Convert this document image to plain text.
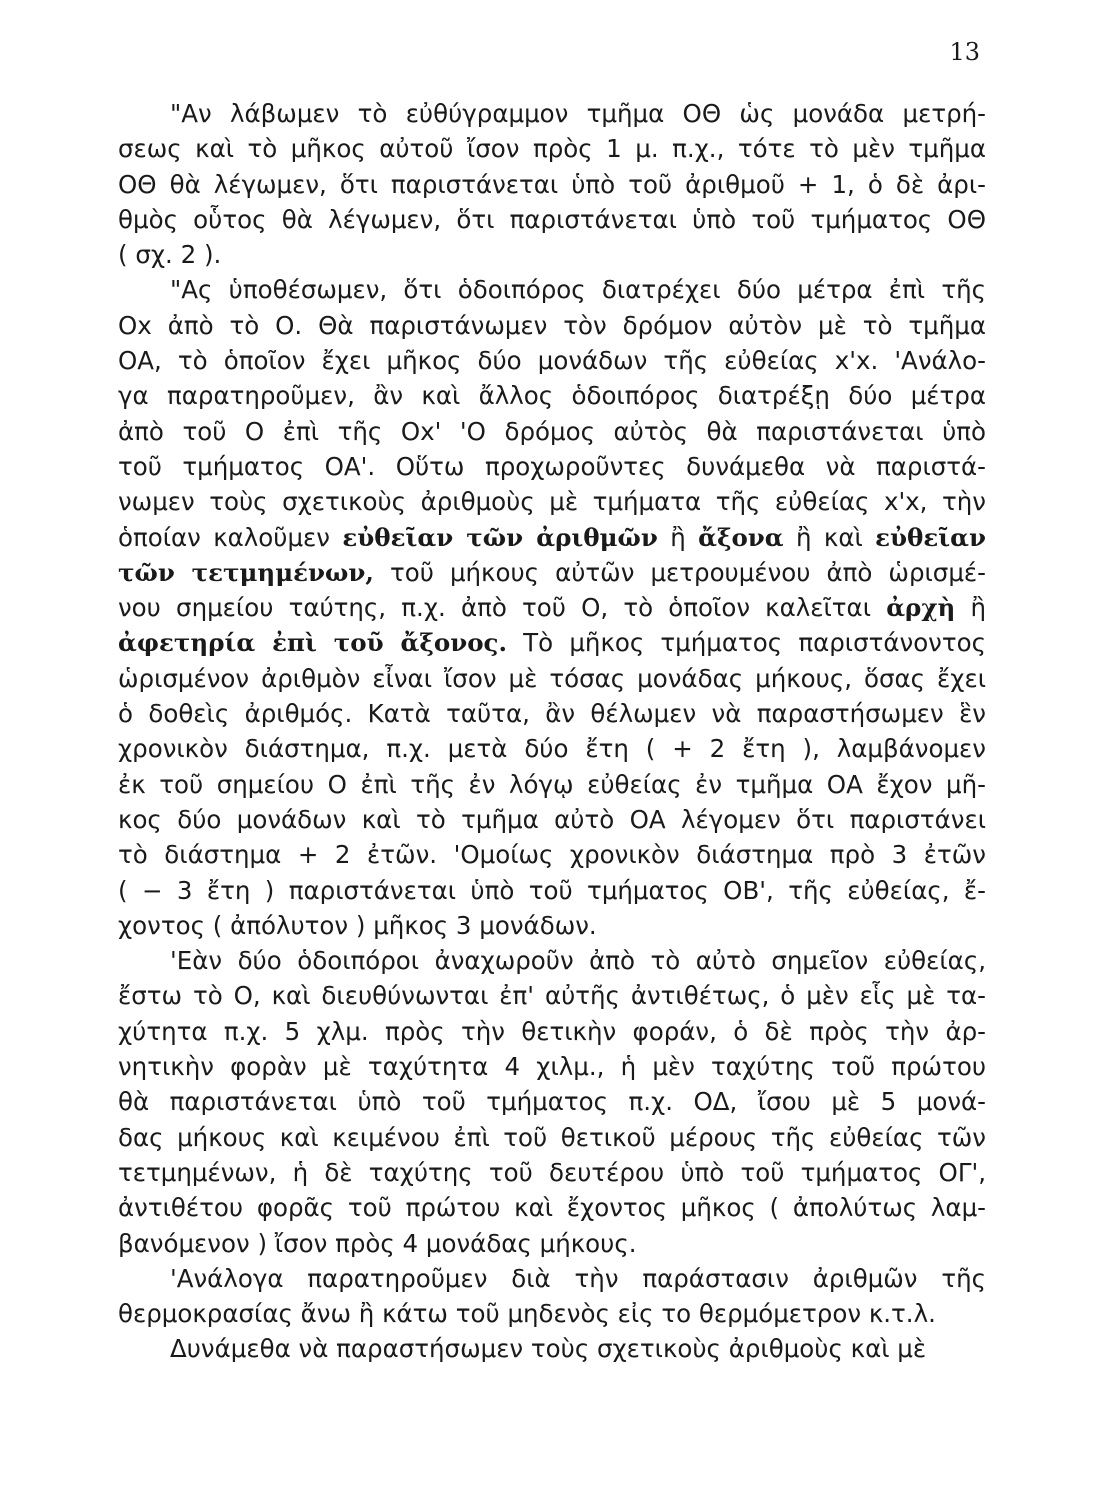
13
"Αν λάβωμεν τὸ εὐθύγραμμον τμῆμα ΟΘ ὡς μονάδα μετρή-
σεως καὶ τὸ μῆκος αὐτοῦ ἴσον πρὸς 1 μ. π.χ., τότε τὸ μὲν τμῆμα
ΟΘ θὰ λέγωμεν, ὅτι παριστάνεται ὑπὸ τοῦ ἀριθμοῦ + 1, ὁ δὲ ἀρι-
θμὸς οὗτος θὰ λέγωμεν, ὅτι παριστάνεται ὑπὸ τοῦ τμήματος ΟΘ
( σχ. 2 ).
"Ας ὑποθέσωμεν, ὅτι ὁδοιπόρος διατρέχει δύο μέτρα ἐπὶ τῆς
Οx ἀπὸ τὸ Ο. Θὰ παριστάνωμεν τὸν δρόμον αὐτὸν μὲ τὸ τμῆμα
ΟΑ, τὸ ὁποῖον ἔχει μῆκος δύο μονάδων τῆς εὐθείας x'x. 'Ανάλο-
γα παρατηροῦμεν, ἂν καὶ ἄλλος ὁδοιπόρος διατρέξῃ δύο μέτρα
ἀπὸ τοῦ Ο ἐπὶ τῆς Οx' 'Ο δρόμος αὐτὸς θὰ παριστάνεται ὑπὸ
τοῦ τμήματος ΟΑ'. Οὕτω προχωροῦντες δυνάμεθα νὰ παριστά-
νωμεν τοὺς σχετικοὺς ἀριθμοὺς μὲ τμήματα τῆς εὐθείας x'x, τὴν
ὁποίαν καλοῦμεν εὐθεῖαν τῶν ἀριθμῶν ἢ ἄξονα ἢ καὶ εὐθεῖαν
τῶν τετμημένων, τοῦ μήκους αὐτῶν μετρουμένου ἀπὸ ὡρισμέ-
νου σημείου ταύτης, π.χ. ἀπὸ τοῦ Ο, τὸ ὁποῖον καλεῖται ἀρχὴ ἢ
ἀφετηρία ἐπὶ τοῦ ἄξονος. Τὸ μῆκος τμήματος παριστάνοντος
ὡρισμένον ἀριθμὸν εἶναι ἴσον μὲ τόσας μονάδας μήκους, ὅσας ἔχει
ὁ δοθεὶς ἀριθμός. Κατὰ ταῦτα, ἂν θέλωμεν νὰ παραστήσωμεν ἓν
χρονικὸν διάστημα, π.χ. μετὰ δύο ἔτη ( + 2 ἔτη ), λαμβάνομεν
ἐκ τοῦ σημείου Ο ἐπὶ τῆς ἐν λόγῳ εὐθείας ἐν τμῆμα ΟΑ ἔχον μῆ-
κος δύο μονάδων καὶ τὸ τμῆμα αὐτὸ ΟΑ λέγομεν ὅτι παριστάνει
τὸ διάστημα + 2 ἐτῶν. 'Ομοίως χρονικὸν διάστημα πρὸ 3 ἐτῶν
( − 3 ἔτη ) παριστάνεται ὑπὸ τοῦ τμήματος ΟΒ', τῆς εὐθείας, ἔ-
χοντος ( ἀπόλυτον ) μῆκος 3 μονάδων.
'Εὰν δύο ὁδοιπόροι ἀναχωροῦν ἀπὸ τὸ αὐτὸ σημεῖον εὐθείας,
ἔστω τὸ Ο, καὶ διευθύνωνται ἐπ' αὐτῆς ἀντιθέτως, ὁ μὲν εἷς μὲ τα-
χύτητα π.χ. 5 χλμ. πρὸς τὴν θετικὴν φοράν, ὁ δὲ πρὸς τὴν ἀρ-
νητικὴν φορὰν μὲ ταχύτητα 4 χιλμ., ἡ μὲν ταχύτης τοῦ πρώτου
θὰ παριστάνεται ὑπὸ τοῦ τμήματος π.χ. ΟΔ, ἴσου μὲ 5 μονά-
δας μήκους καὶ κειμένου ἐπὶ τοῦ θετικοῦ μέρους τῆς εὐθείας τῶν
τετμημένων, ἡ δὲ ταχύτης τοῦ δευτέρου ὑπὸ τοῦ τμήματος ΟΓ',
ἀντιθέτου φορᾶς τοῦ πρώτου καὶ ἔχοντος μῆκος ( ἀπολύτως λαμ-
βανόμενον ) ἴσον πρὸς 4 μονάδας μήκους.
'Ανάλογα παρατηροῦμεν διὰ τὴν παράστασιν ἀριθμῶν τῆς
θερμοκρασίας ἄνω ἢ κάτω τοῦ μηδενὸς εἰς το θερμόμετρον κ.τ.λ.
Δυνάμεθα νὰ παραστήσωμεν τοὺς σχετικοὺς ἀριθμοὺς καὶ μὲ
